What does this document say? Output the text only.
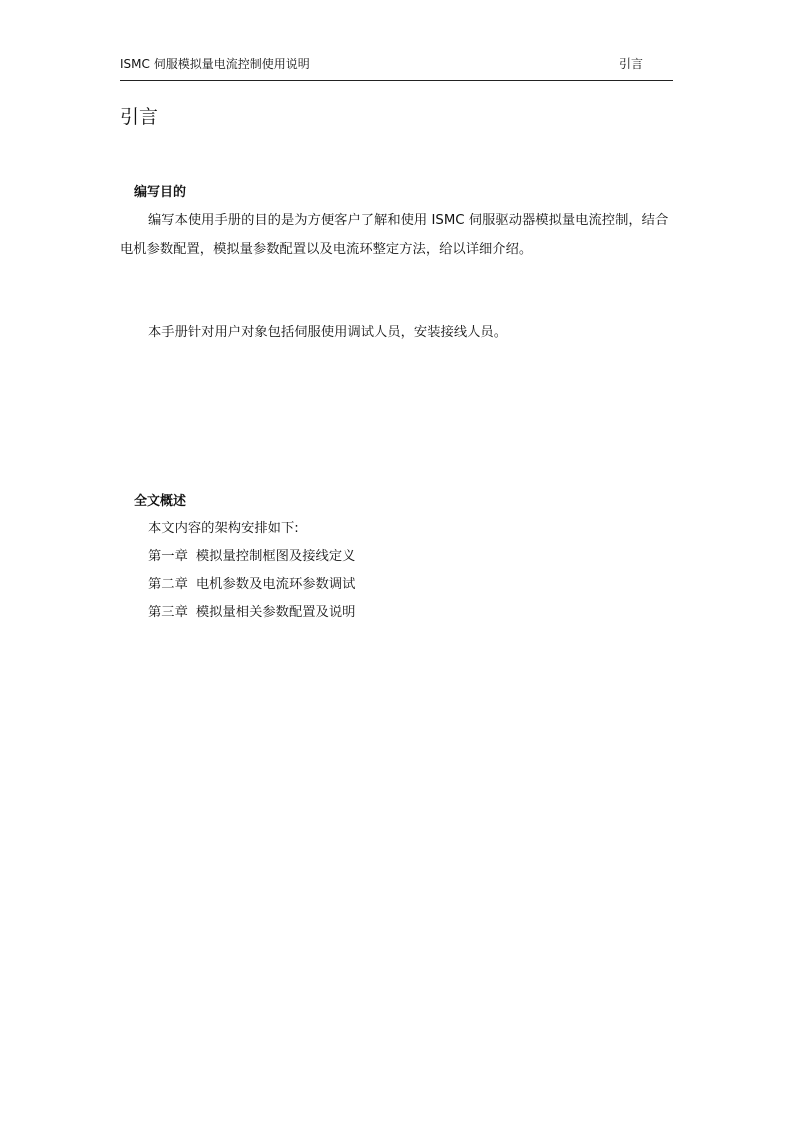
ISMC 伺服模拟量电流控制使用说明	引言
引言
编写目的

编写本使用手册的目的是为方便客户了解和使用 ISMC 伺服驱动器模拟量电流控制，结合电机参数配置，模拟量参数配置以及电流环整定方法，给以详细介绍。

本手册针对用户对象包括伺服使用调试人员，安装接线人员。

全文概述

本文内容的架构安排如下:

第一章 模拟量控制框图及接线定义
第二章 电机参数及电流环参数调试
第三章 模拟量相关参数配置及说明
